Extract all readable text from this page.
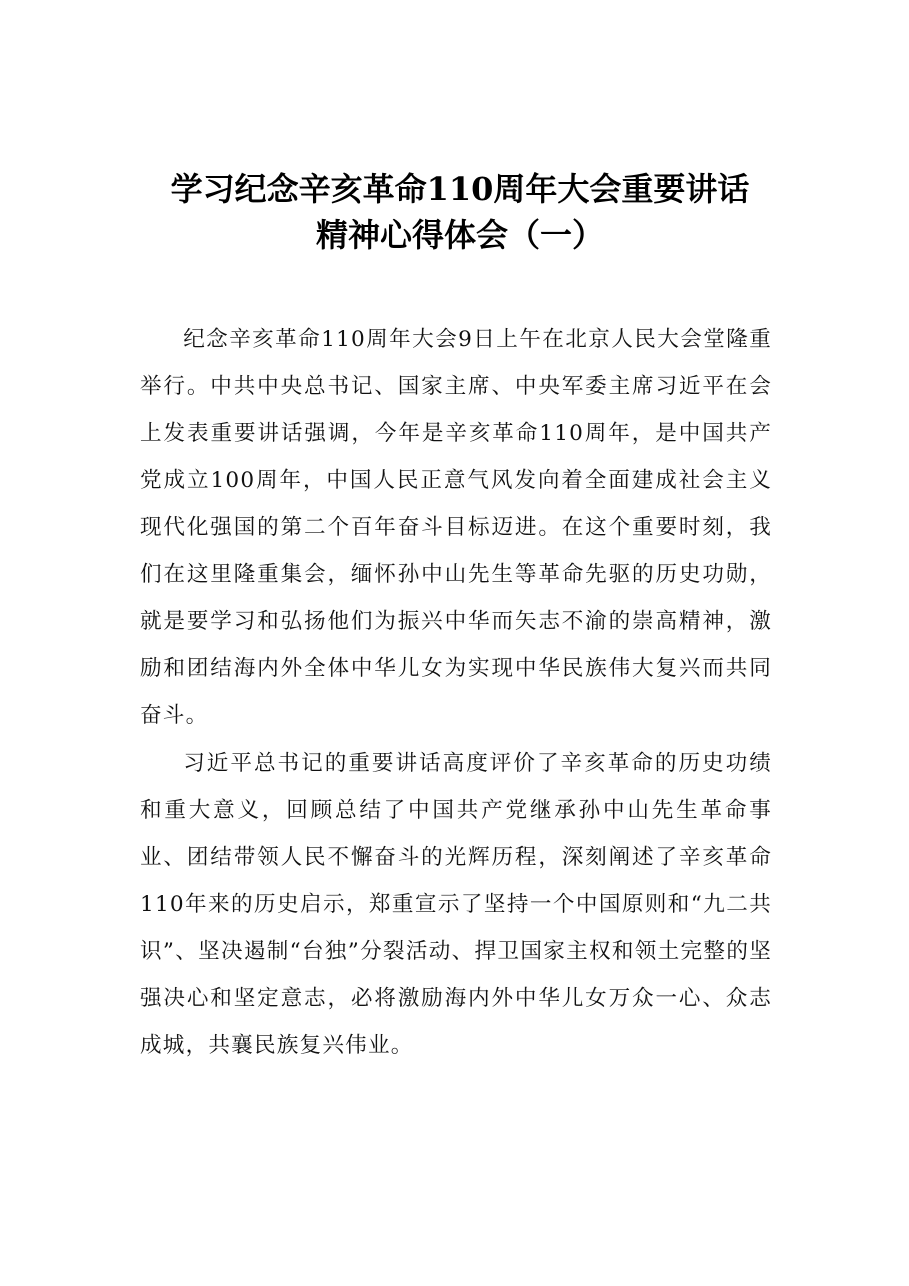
学习纪念辛亥革命110周年大会重要讲话
精神心得体会（一）

纪念辛亥革命110周年大会9日上午在北京人民大会堂隆重举行。中共中央总书记、国家主席、中央军委主席习近平在会上发表重要讲话强调，今年是辛亥革命110周年，是中国共产党成立100周年，中国人民正意气风发向着全面建成社会主义现代化强国的第二个百年奋斗目标迈进。在这个重要时刻，我们在这里隆重集会，缅怀孙中山先生等革命先驱的历史功勋，就是要学习和弘扬他们为振兴中华而矢志不渝的崇高精神，激励和团结海内外全体中华儿女为实现中华民族伟大复兴而共同奋斗。

习近平总书记的重要讲话高度评价了辛亥革命的历史功绩和重大意义，回顾总结了中国共产党继承孙中山先生革命事业、团结带领人民不懈奋斗的光辉历程，深刻阐述了辛亥革命110年来的历史启示，郑重宣示了坚持一个中国原则和“九二共识”、坚决遏制“台独”分裂活动、捍卫国家主权和领土完整的坚强决心和坚定意志，必将激励海内外中华儿女万众一心、众志成城，共襄民族复兴伟业。
